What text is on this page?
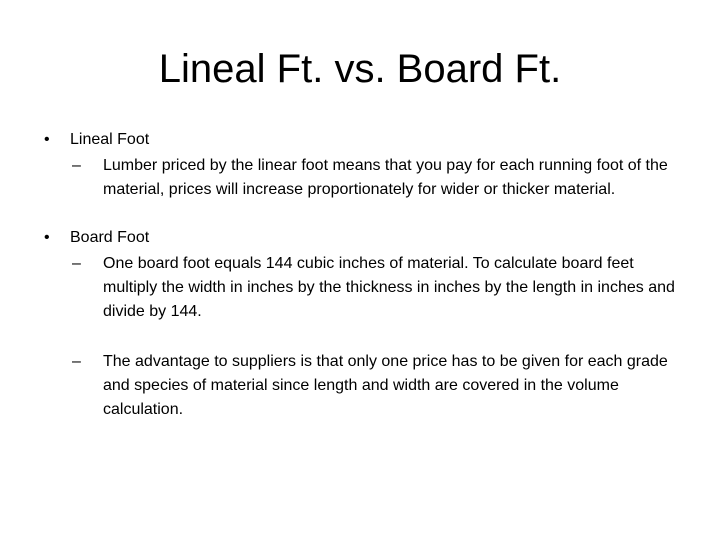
Lineal Ft. vs. Board Ft.
• Lineal Foot
– Lumber priced by the linear foot means that you pay for each running foot of the material, prices will increase proportionately for wider or thicker material.
• Board Foot
– One board foot equals 144 cubic inches of material. To calculate board feet multiply the width in inches by the thickness in inches by the length in inches and divide by 144.
– The advantage to suppliers is that only one price has to be given for each grade and species of material since length and width are covered in the volume calculation.
